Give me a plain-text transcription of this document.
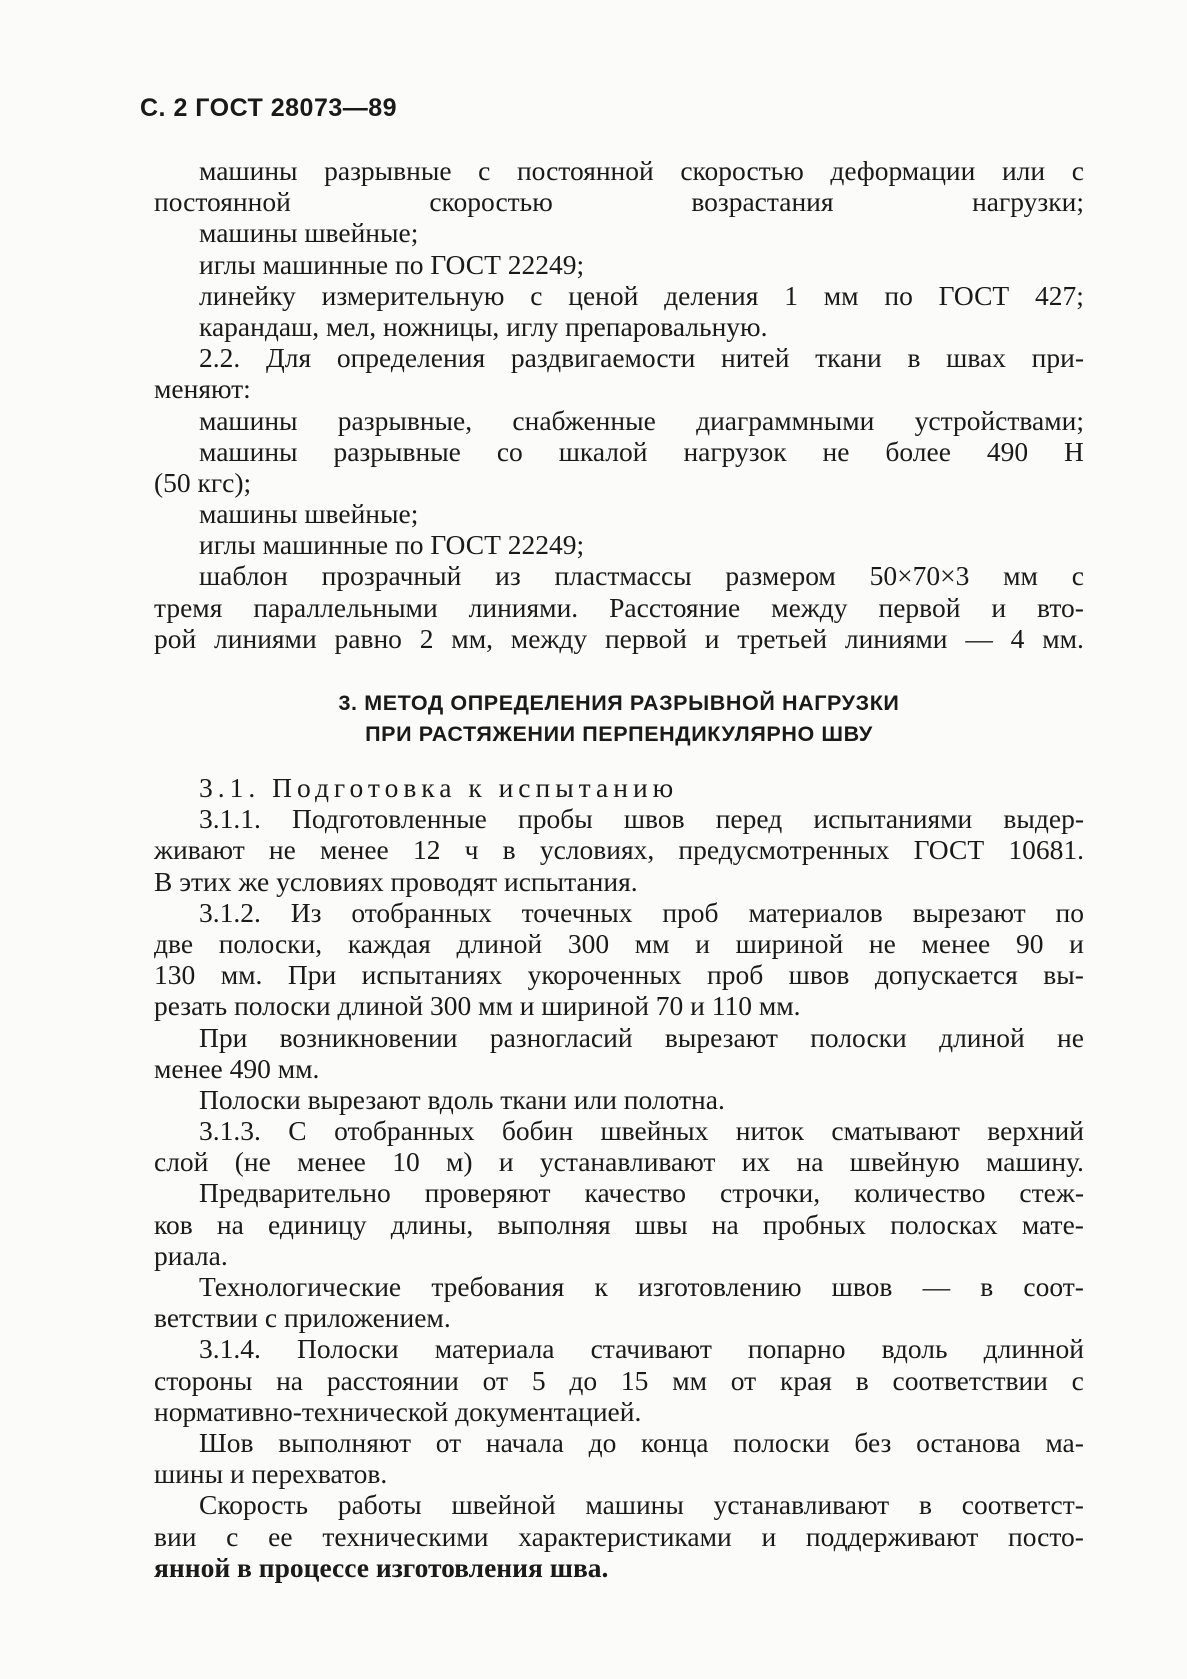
С. 2 ГОСТ 28073—89
машины разрывные с постоянной скоростью деформации или с
постоянной	скоростью	возрастания	нагрузки;
машины швейные;
иглы машинные по ГОСТ 22249;
линейку измерительную с ценой деления 1 мм по ГОСТ 427;
карандаш, мел, ножницы, иглу препаровальную.
2.2. Для определения раздвигаемости нитей ткани в швах при-
меняют:
машины разрывные, снабженные диаграммными устройствами;
машины разрывные со шкалой нагрузок не более 490 Н
(50 кгс);
машины швейные;
иглы машинные по ГОСТ 22249;
шаблон прозрачный из пластмассы размером 50×70×3 мм с
тремя параллельными линиями. Расстояние между первой и вто-
рой линиями равно 2 мм, между первой и третьей линиями — 4 мм.
3. МЕТОД ОПРЕДЕЛЕНИЯ РАЗРЫВНОЙ НАГРУЗКИ
ПРИ РАСТЯЖЕНИИ ПЕРПЕНДИКУЛЯРНО ШВУ
3.1. Подготовка к испытанию
3.1.1. Подготовленные пробы швов перед испытаниями выдер-
живают не менее 12 ч в условиях, предусмотренных ГОСТ 10681.
В этих же условиях проводят испытания.
3.1.2. Из отобранных точечных проб материалов вырезают по
две полоски, каждая длиной 300 мм и шириной не менее 90 и
130 мм. При испытаниях укороченных проб швов допускается вы-
резать полоски длиной 300 мм и шириной 70 и 110 мм.
При возникновении разногласий вырезают полоски длиной не
менее 490 мм.
Полоски вырезают вдоль ткани или полотна.
3.1.3. С отобранных бобин швейных ниток сматывают верхний
слой (не менее 10 м) и устанавливают их на швейную машину.
Предварительно проверяют качество строчки, количество стеж-
ков на единицу длины, выполняя швы на пробных полосках мате-
риала.
Технологические требования к изготовлению швов — в соот-
ветствии с приложением.
3.1.4. Полоски материала стачивают попарно вдоль длинной
стороны на расстоянии от 5 до 15 мм от края в соответствии с
нормативно-технической документацией.
Шов выполняют от начала до конца полоски без останова ма-
шины и перехватов.
Скорость работы швейной машины устанавливают в соответст-
вии с ее техническими характеристиками и поддерживают посто-
янной в процессе изготовления шва.
